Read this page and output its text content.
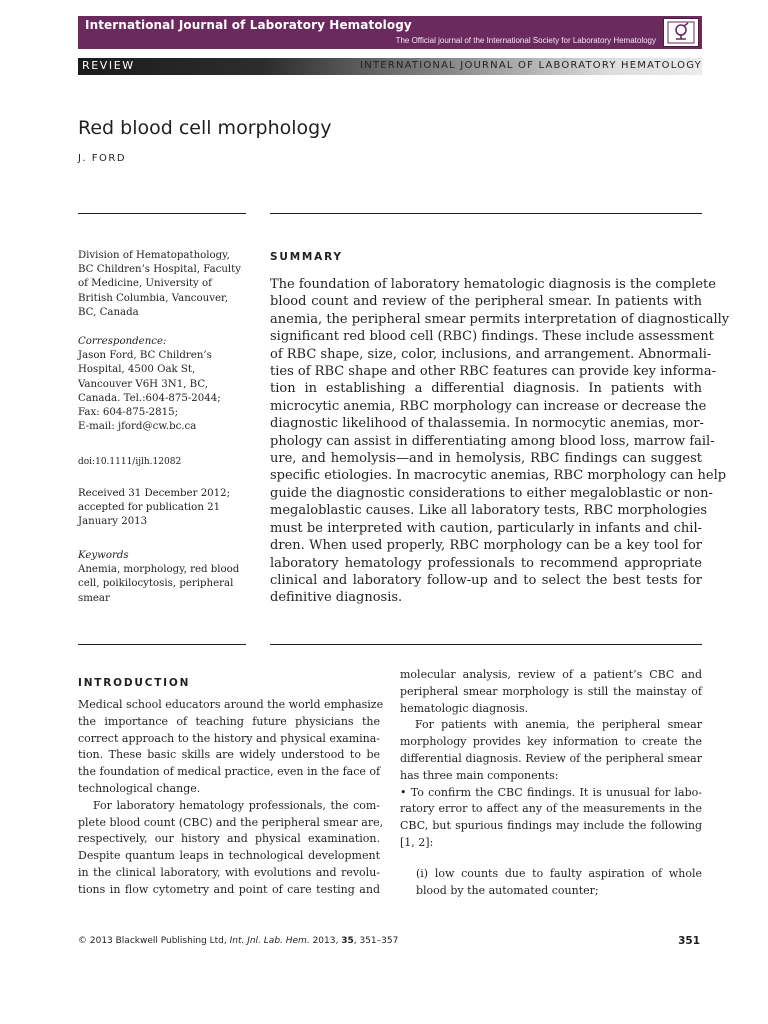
International Journal of Laboratory Hematology
The Official journal of the International Society for Laboratory Hematology
REVIEW	INTERNATIONAL JOURNAL OF LABORATORY HEMATOLOGY
Red blood cell morphology
J. FORD
Division of Hematopathology,
BC Children’s Hospital, Faculty
of Medicine, University of
British Columbia, Vancouver,
BC, Canada
Correspondence:
Jason Ford, BC Children’s
Hospital, 4500 Oak St,
Vancouver V6H 3N1, BC,
Canada. Tel.:604-875-2044;
Fax: 604-875-2815;
E-mail: jford@cw.bc.ca
doi:10.1111/ijlh.12082
Received 31 December 2012;
accepted for publication 21
January 2013
Keywords
Anemia, morphology, red blood
cell, poikilocytosis, peripheral
smear
SUMMARY
The foundation of laboratory hematologic diagnosis is the complete
blood count and review of the peripheral smear. In patients with
anemia, the peripheral smear permits interpretation of diagnostically
significant red blood cell (RBC) findings. These include assessment
of RBC shape, size, color, inclusions, and arrangement. Abnormali-
ties of RBC shape and other RBC features can provide key informa-
tion in establishing a differential diagnosis. In patients with
microcytic anemia, RBC morphology can increase or decrease the
diagnostic likelihood of thalassemia. In normocytic anemias, mor-
phology can assist in differentiating among blood loss, marrow fail-
ure, and hemolysis—and in hemolysis, RBC findings can suggest
specific etiologies. In macrocytic anemias, RBC morphology can help
guide the diagnostic considerations to either megaloblastic or non-
megaloblastic causes. Like all laboratory tests, RBC morphologies
must be interpreted with caution, particularly in infants and chil-
dren. When used properly, RBC morphology can be a key tool for
laboratory hematology professionals to recommend appropriate
clinical and laboratory follow-up and to select the best tests for
definitive diagnosis.
INTRODUCTION
Medical school educators around the world emphasize
the importance of teaching future physicians the
correct approach to the history and physical examina-
tion. These basic skills are widely understood to be
the foundation of medical practice, even in the face of
technological change.
For laboratory hematology professionals, the com-
plete blood count (CBC) and the peripheral smear are,
respectively, our history and physical examination.
Despite quantum leaps in technological development
in the clinical laboratory, with evolutions and revolu-
tions in flow cytometry and point of care testing and
molecular analysis, review of a patient’s CBC and
peripheral smear morphology is still the mainstay of
hematologic diagnosis.
For patients with anemia, the peripheral smear
morphology provides key information to create the
differential diagnosis. Review of the peripheral smear
has three main components:
• To confirm the CBC findings. It is unusual for labo-
ratory error to affect any of the measurements in the
CBC, but spurious findings may include the following
[1, 2]:
(i) low counts due to faulty aspiration of whole
blood by the automated counter;
© 2013 Blackwell Publishing Ltd, Int. Jnl. Lab. Hem. 2013, 35, 351–357	351
